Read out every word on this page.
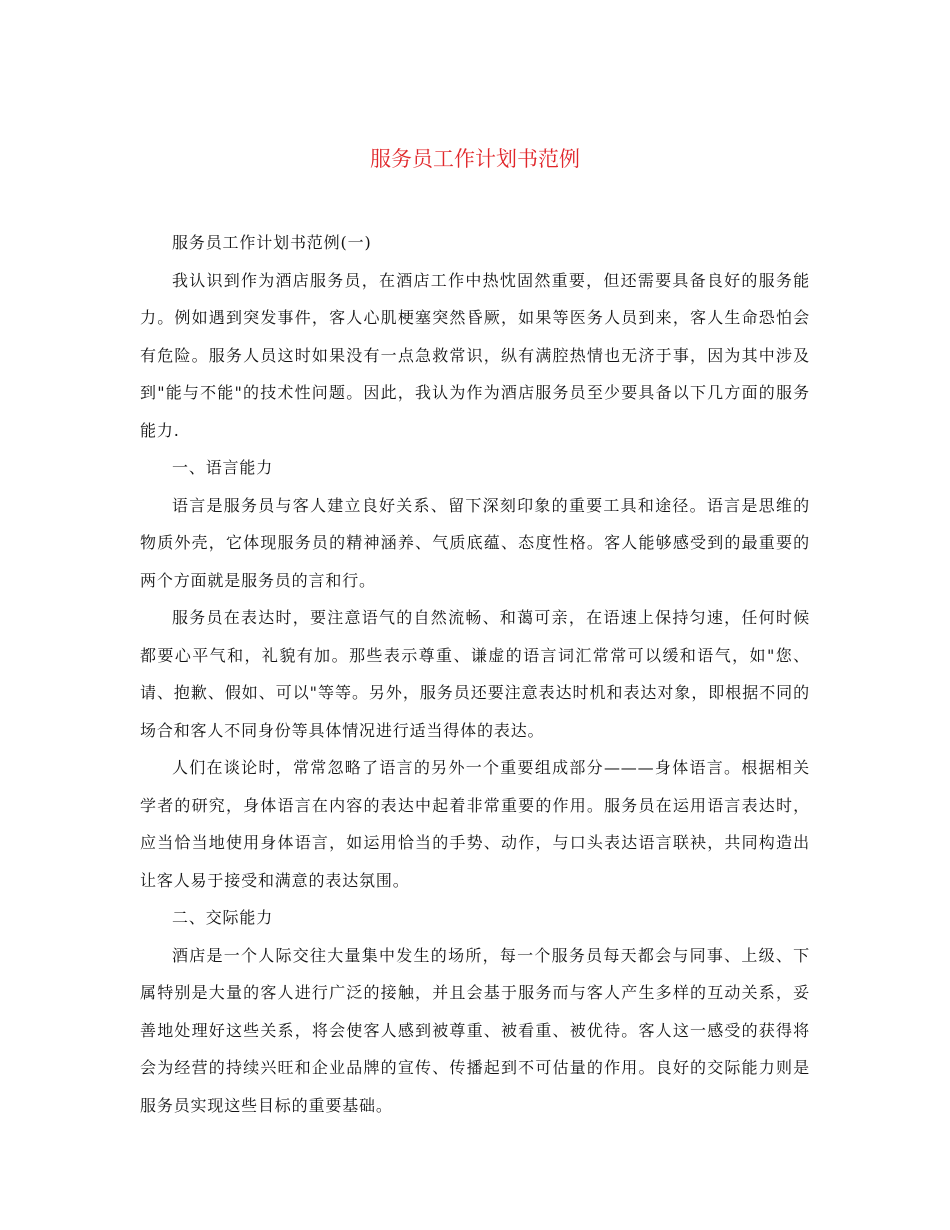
服务员工作计划书范例

服务员工作计划书范例(一)

我认识到作为酒店服务员，在酒店工作中热忱固然重要，但还需要具备良好的服务能力。例如遇到突发事件，客人心肌梗塞突然昏厥，如果等医务人员到来，客人生命恐怕会有危险。服务人员这时如果没有一点急救常识，纵有满腔热情也无济于事，因为其中涉及到"能与不能"的技术性问题。因此，我认为作为酒店服务员至少要具备以下几方面的服务能力.

一、语言能力

语言是服务员与客人建立良好关系、留下深刻印象的重要工具和途径。语言是思维的物质外壳，它体现服务员的精神涵养、气质底蕴、态度性格。客人能够感受到的最重要的两个方面就是服务员的言和行。

服务员在表达时，要注意语气的自然流畅、和蔼可亲，在语速上保持匀速，任何时候都要心平气和，礼貌有加。那些表示尊重、谦虚的语言词汇常常可以缓和语气，如"您、请、抱歉、假如、可以"等等。另外，服务员还要注意表达时机和表达对象，即根据不同的场合和客人不同身份等具体情况进行适当得体的表达。

人们在谈论时，常常忽略了语言的另外一个重要组成部分———身体语言。根据相关学者的研究，身体语言在内容的表达中起着非常重要的作用。服务员在运用语言表达时，应当恰当地使用身体语言，如运用恰当的手势、动作，与口头表达语言联袂，共同构造出让客人易于接受和满意的表达氛围。

二、交际能力

酒店是一个人际交往大量集中发生的场所，每一个服务员每天都会与同事、上级、下属特别是大量的客人进行广泛的接触，并且会基于服务而与客人产生多样的互动关系，妥善地处理好这些关系，将会使客人感到被尊重、被看重、被优待。客人这一感受的获得将会为经营的持续兴旺和企业品牌的宣传、传播起到不可估量的作用。良好的交际能力则是服务员实现这些目标的重要基础。
